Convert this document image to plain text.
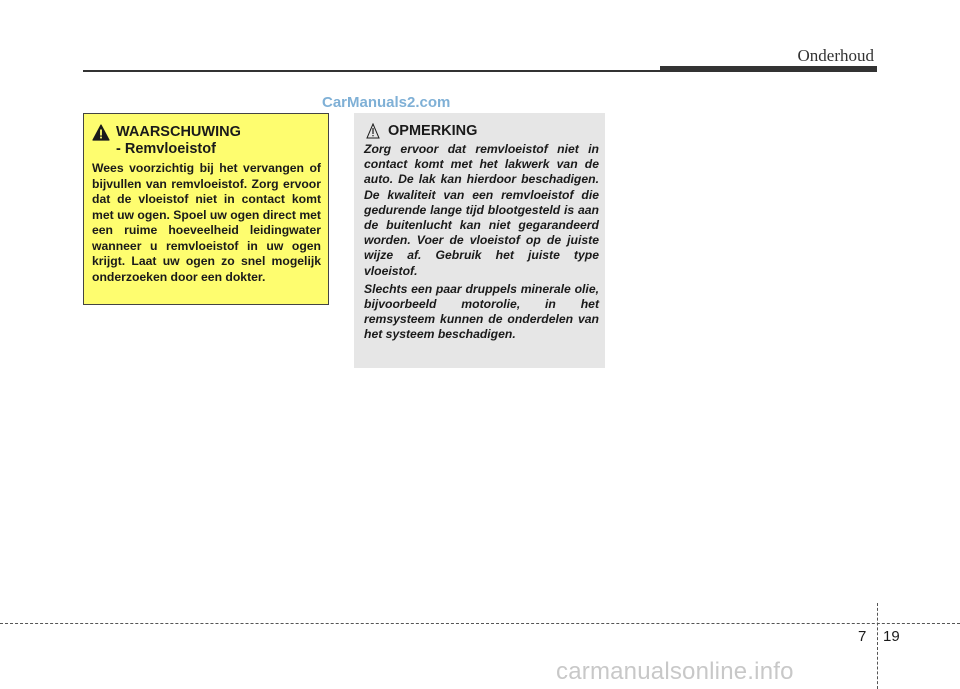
Onderhoud
CarManuals2.com
WAARSCHUWING
- Remvloeistof
Wees voorzichtig bij het vervangen of bijvullen van remvloeistof. Zorg ervoor dat de vloeistof niet in contact komt met uw ogen. Spoel uw ogen direct met een ruime hoeveelheid leidingwater wanneer u remvloeistof in uw ogen krijgt. Laat uw ogen zo snel mogelijk onderzoeken door een dokter.
OPMERKING

Zorg ervoor dat remvloeistof niet in contact komt met het lakwerk van de auto. De lak kan hierdoor beschadigen. De kwaliteit van een remvloeistof die gedurende lange tijd blootgesteld is aan de buitenlucht kan niet gegarandeerd worden. Voer de vloeistof op de juiste wijze af. Gebruik het juiste type vloeistof.

Slechts een paar druppels minerale olie, bijvoorbeeld motorolie, in het remsysteem kunnen de onderdelen van het systeem beschadigen.

7 19
carmanualsonline.info
